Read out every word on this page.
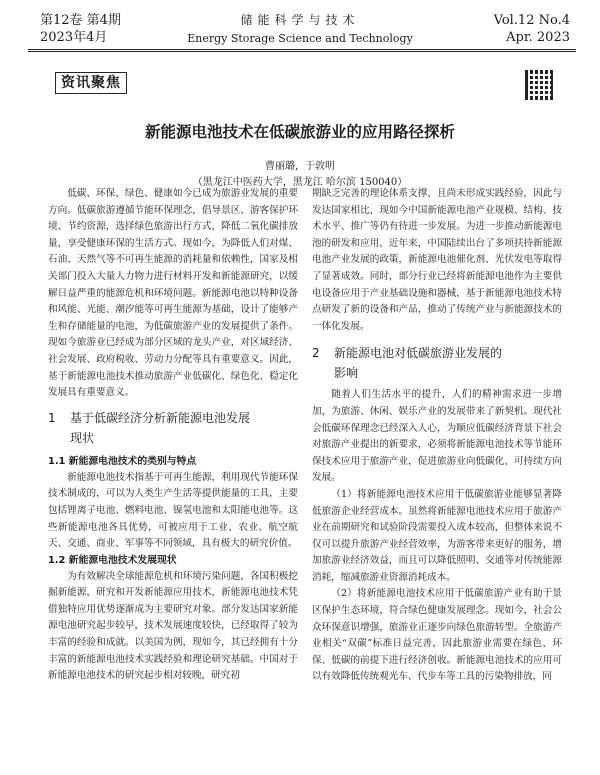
第12卷 第4期
2023年4月
储能科学与技术
Energy Storage Science and Technology
Vol.12 No.4
Apr. 2023
资讯聚焦
新能源电池技术在低碳旅游业的应用路径探析
曹丽璐，于敦明
（黑龙江中医药大学，黑龙江 哈尔滨 150040）

低碳、环保、绿色、健康如今已成为旅游业发展的重要方向。低碳旅游遵循节能环保理念，倡导景区、游客保护环境、节约资源，选择绿色旅游出行方式，降低二氧化碳排放量，享受健康环保的生活方式。现如今，为降低人们对煤、石油、天然气等不可再生能源的消耗量和依赖性，国家及相关部门投入大量人力物力进行材料开发和新能源研究，以缓解日益严重的能源危机和环境问题。新能源电池以特种设备和风能、光能、潮汐能等可再生能源为基础，设计了能够产生和存储能量的电池，为低碳旅游产业的发展提供了条件。现如今旅游业已经成为部分区域的龙头产业，对区域经济、社会发展、政府税收、劳动力分配等具有重要意义。因此，基于新能源电池技术推动旅游产业低碳化、绿色化、稳定化发展具有重要意义。

1 基于低碳经济分析新能源电池发展
现状
1.1 新能源电池技术的类别与特点

新能源电池技术指基于可再生能源，利用现代节能环保技术制成的，可以为人类生产生活等提供能量的工具，主要包括锂离子电池、燃料电池、镍氢电池和太阳能电池等。这些新能源电池各具优势，可被应用于工业、农业、航空航天、交通、商业、军事等不同领域，具有极大的研究价值。

1.2 新能源电池技术发展现状

为有效解决全球能源危机和环境污染问题，各国积极挖掘新能源，研究和开发新能源应用技术，新能源电池技术凭借独特应用优势逐渐成为主要研究对象。部分发达国家新能源电池研究起步较早，技术发展速度较快，已经取得了较为丰富的经验和成就。以美国为例，现如今，其已经拥有十分丰富的新能源电池技术实践经验和理论研究基础。中国对于新能源电池技术的研究起步相对较晚，研究初

期缺乏完善的理论体系支撑，且尚未形成实践经验，因此与发达国家相比，现如今中国新能源电池产业规模、结构、技术水平、推广等仍有待进一步发展。为进一步推动新能源电池的研发和应用，近年来，中国陆续出台了多项扶持新能源电池产业发展的政策，新能源电池催化剂、光伏发电等取得了显著成效。同时，部分行业已经将新能源电池作为主要供电设备应用于产业基础设施和器械，基于新能源电池技术特点研发了新的设备和产品，推动了传统产业与新能源技术的一体化发展。

2 新能源电池对低碳旅游业发展的
影响

随着人们生活水平的提升，人们的精神需求进一步增加，为旅游、休闲、娱乐产业的发展带来了新契机。现代社会低碳环保理念已经深入人心，为顺应低碳经济背景下社会对旅游产业提出的新要求，必须将新能源电池技术等节能环保技术应用于旅游产业，促进旅游业向低碳化、可持续方向发展。

（1）将新能源电池技术应用于低碳旅游业能够显著降低旅游企业经营成本。虽然将新能源电池技术应用于旅游产业在前期研究和试验阶段需要投入成本较高，但整体来说不仅可以提升旅游产业经营效率，为游客带来更好的服务，增加旅游业经济效益，而且可以降低照明、交通等对传统能源消耗，缩减旅游业资源消耗成本。

（2）将新能源电池技术应用于低碳旅游产业有助于景区保护生态环境，符合绿色健康发展理念。现如今，社会公众环保意识增强，旅游业正逐步向绿色旅游转型。全旅游产业相关“双碳”标准日益完善，因此旅游业需要在绿色、环保、低碳的前提下进行经济创收。新能源电池技术的应用可以有效降低传统观光车、代步车等工具的污染物排放，同
